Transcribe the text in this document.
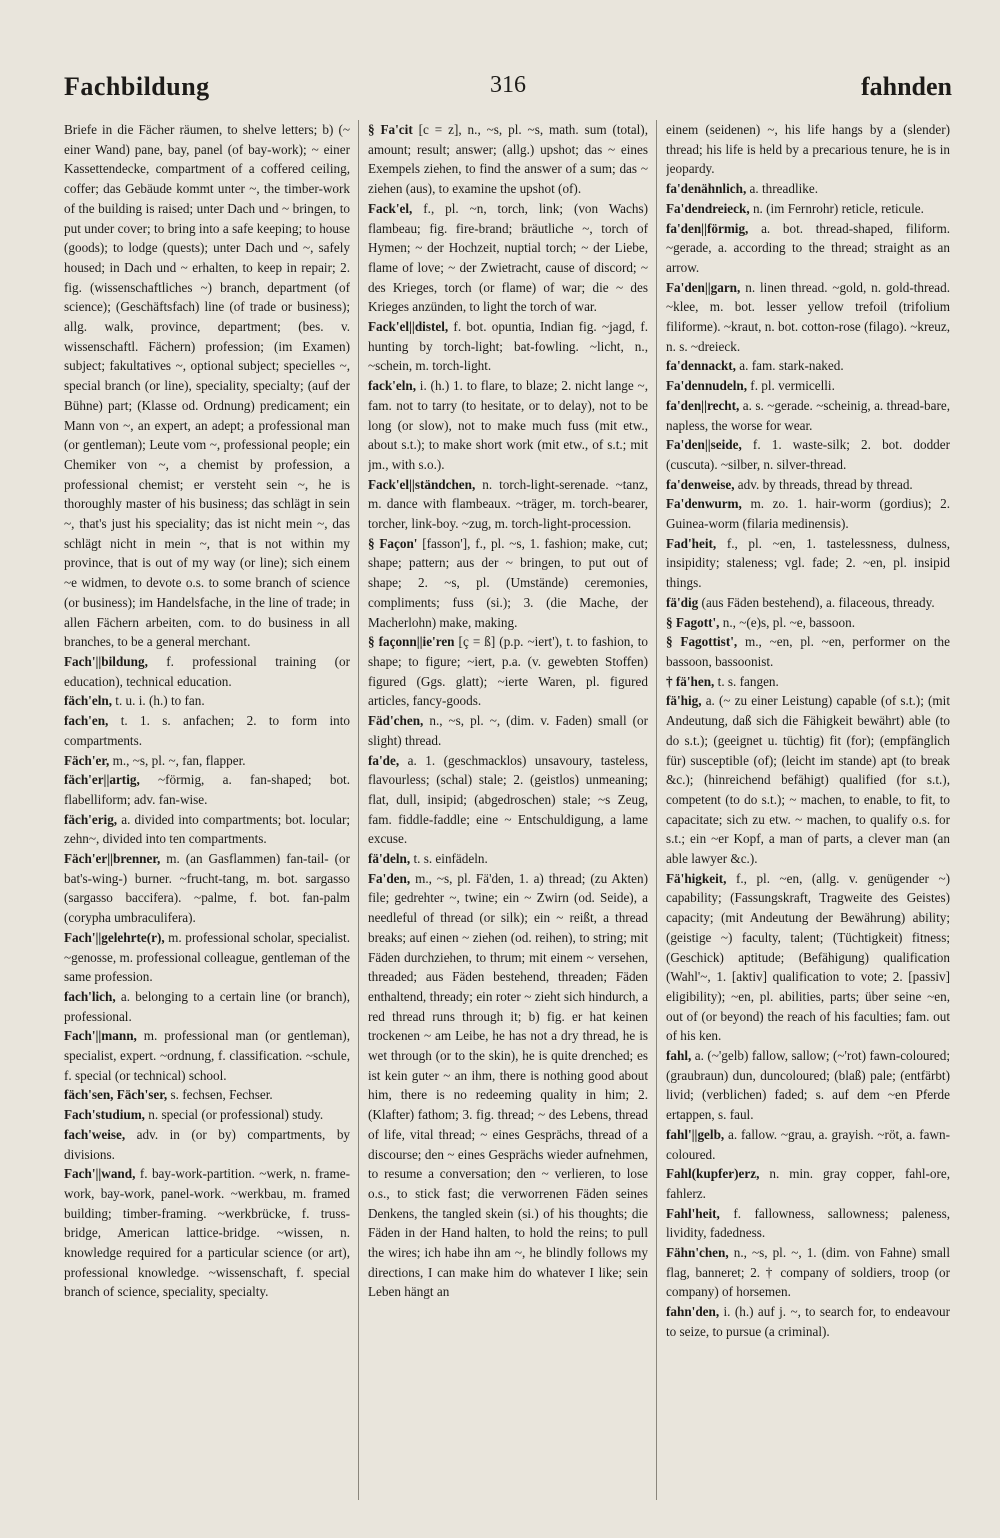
Fachbildung	316	fahnden

Briefe in die Fächer räumen, to shelve letters; b) (~ einer Wand) pane, bay, panel (of bay-work); ~ einer Kassettendecke, compartment of a coffered ceiling, coffer; das Gebäude kommt unter ~, the timber-work of the building is raised; unter Dach und ~ bringen, to put under cover; to bring into a safe keeping; to house (goods); to lodge (quests); unter Dach und ~, safely housed; in Dach und ~ erhalten, to keep in repair; 2. fig. (wissenschaftliches ~) branch, department (of science); (Geschäftsfach) line (of trade or business); allg. walk, province, department; (bes. v. wissenschaftl. Fächern) profession; (im Examen) subject; fakultatives ~, optional subject; specielles ~, special branch (or line), speciality, specialty; (auf der Bühne) part; (Klasse od. Ordnung) predicament; ein Mann von ~, an expert, an adept; a professional man (or gentleman); Leute vom ~, professional people; ein Chemiker von ~, a chemist by profession, a professional chemist; er versteht sein ~, he is thoroughly master of his business; das schlägt in sein ~, that's just his speciality; das ist nicht mein ~, das schlägt nicht in mein ~, that is not within my province, that is out of my way (or line); sich einem ~e widmen, to devote o.s. to some branch of science (or business); im Handelsfache, in the line of trade; in allen Fächern arbeiten, com. to do business in all branches, to be a general merchant.

Fach'||bildung, f. professional training (or education), technical education.

fäch'eln, t. u. i. (h.) to fan.

fach'en, t. 1. s. anfachen; 2. to form into compartments.

Fäch'er, m., ~s, pl. ~, fan, flapper.

fäch'er||artig, ~förmig, a. fan-shaped; bot. flabelliform; adv. fan-wise.

fäch'erig, a. divided into compartments; bot. locular; zehn~, divided into ten compartments.

Fäch'er||brenner, m. (an Gasflammen) fan-tail- (or bat's-wing-) burner. ~frucht-tang, m. bot. sargasso (sargasso baccifera). ~palme, f. bot. fan-palm (corypha umbraculifera).

Fach'||gelehrte(r), m. professional scholar, specialist. ~genosse, m. professional colleague, gentleman of the same profession.

fach'lich, a. belonging to a certain line (or branch), professional.

Fach'||mann, m. professional man (or gentleman), specialist, expert. ~ordnung, f. classification. ~schule, f. special (or technical) school.

fäch'sen, Fäch'ser, s. fechsen, Fechser.

Fach'studium, n. special (or professional) study.

fach'weise, adv. in (or by) compartments, by divisions.

Fach'||wand, f. bay-work-partition. ~werk, n. frame-work, bay-work, panel-work. ~werkbau, m. framed building; timber-framing. ~werkbrücke, f. truss-bridge, American lattice-bridge. ~wissen, n. knowledge required for a particular science (or art), professional knowledge. ~wissenschaft, f. special branch of science, speciality, specialty.

§ Fa'cit [c = z], n., ~s, pl. ~s, math. sum (total), amount; result; answer; (allg.) upshot; das ~ eines Exempels ziehen, to find the answer of a sum; das ~ ziehen (aus), to examine the upshot (of).

Fack'el, f., pl. ~n, torch, link; (von Wachs) flambeau; fig. fire-brand; bräutliche ~, torch of Hymen; ~ der Hochzeit, nuptial torch; ~ der Liebe, flame of love; ~ der Zwietracht, cause of discord; ~ des Krieges, torch (or flame) of war; die ~ des Krieges anzünden, to light the torch of war.

Fack'el||distel, f. bot. opuntia, Indian fig. ~jagd, f. hunting by torch-light; bat-fowling. ~licht, n., ~schein, m. torch-light.

fack'eln, i. (h.) 1. to flare, to blaze; 2. nicht lange ~, fam. not to tarry (to hesitate, or to delay), not to be long (or slow), not to make much fuss (mit etw., about s.t.); to make short work (mit etw., of s.t.; mit jm., with s.o.).

Fack'el||ständchen, n. torch-light-serenade. ~tanz, m. dance with flambeaux. ~träger, m. torch-bearer, torcher, link-boy. ~zug, m. torch-light-procession.

§ Façon' [fasson'], f., pl. ~s, 1. fashion; make, cut; shape; pattern; aus der ~ bringen, to put out of shape; 2. ~s, pl. (Umstände) ceremonies, compliments; fuss (si.); 3. (die Mache, der Macherlohn) make, making.

§ façonn||ie'ren [ç = ß] (p.p. ~iert'), t. to fashion, to shape; to figure; ~iert, p.a. (v. gewebten Stoffen) figured (Ggs. glatt); ~ierte Waren, pl. figured articles, fancy-goods.

Fäd'chen, n., ~s, pl. ~, (dim. v. Faden) small (or slight) thread.

fa'de, a. 1. (geschmacklos) unsavoury, tasteless, flavourless; (schal) stale; 2. (geistlos) unmeaning; flat, dull, insipid; (abgedroschen) stale; ~s Zeug, fam. fiddle-faddle; eine ~ Entschuldigung, a lame excuse.

fä'deln, t. s. einfädeln.

Fa'den, m., ~s, pl. Fä'den, 1. a) thread; (zu Akten) file; gedrehter ~, twine; ein ~ Zwirn (od. Seide), a needleful of thread (or silk); ein ~ reißt, a thread breaks; auf einen ~ ziehen (od. reihen), to string; mit Fäden durchziehen, to thrum; mit einem ~ versehen, threaded; aus Fäden bestehend, threaden; Fäden enthaltend, thready; ein roter ~ zieht sich hindurch, a red thread runs through it; b) fig. er hat keinen trockenen ~ am Leibe, he has not a dry thread, he is wet through (or to the skin), he is quite drenched; es ist kein guter ~ an ihm, there is nothing good about him, there is no redeeming quality in him; 2. (Klafter) fathom; 3. fig. thread; ~ des Lebens, thread of life, vital thread; ~ eines Gesprächs, thread of a discourse; den ~ eines Gesprächs wieder aufnehmen, to resume a conversation; den ~ verlieren, to lose o.s., to stick fast; die verworrenen Fäden seines Denkens, the tangled skein (si.) of his thoughts; die Fäden in der Hand halten, to hold the reins; to pull the wires; ich habe ihn am ~, he blindly follows my directions, I can make him do whatever I like; sein Leben hängt an

einem (seidenen) ~, his life hangs by a (slender) thread; his life is held by a precarious tenure, he is in jeopardy.

fa'denähnlich, a. threadlike.

Fa'dendreieck, n. (im Fernrohr) reticle, reticule.

fa'den||förmig, a. bot. thread-shaped, filiform. ~gerade, a. according to the thread; straight as an arrow.

Fa'den||garn, n. linen thread. ~gold, n. gold-thread. ~klee, m. bot. lesser yellow trefoil (trifolium filiforme). ~kraut, n. bot. cotton-rose (filago). ~kreuz, n. s. ~dreieck.

fa'dennackt, a. fam. stark-naked.

Fa'dennudeln, f. pl. vermicelli.

fa'den||recht, a. s. ~gerade. ~scheinig, a. thread-bare, napless, the worse for wear.

Fa'den||seide, f. 1. waste-silk; 2. bot. dodder (cuscuta). ~silber, n. silver-thread.

fa'denweise, adv. by threads, thread by thread.

Fa'denwurm, m. zo. 1. hair-worm (gordius); 2. Guinea-worm (filaria medinensis).

Fad'heit, f., pl. ~en, 1. tastelessness, dulness, insipidity; staleness; vgl. fade; 2. ~en, pl. insipid things.

fä'dig (aus Fäden bestehend), a. filaceous, thready.

§ Fagott', n., ~(e)s, pl. ~e, bassoon.

§ Fagottist', m., ~en, pl. ~en, performer on the bassoon, bassoonist.

† fä'hen, t. s. fangen.

fä'hig, a. (~ zu einer Leistung) capable (of s.t.); (mit Andeutung, daß sich die Fähigkeit bewährt) able (to do s.t.); (geeignet u. tüchtig) fit (for); (empfänglich für) susceptible (of); (leicht im stande) apt (to break &c.); (hinreichend befähigt) qualified (for s.t.), competent (to do s.t.); ~ machen, to enable, to fit, to capacitate; sich zu etw. ~ machen, to qualify o.s. for s.t.; ein ~er Kopf, a man of parts, a clever man (an able lawyer &c.).

Fä'higkeit, f., pl. ~en, (allg. v. genügender ~) capability; (Fassungskraft, Tragweite des Geistes) capacity; (mit Andeutung der Bewährung) ability; (geistige ~) faculty, talent; (Tüchtigkeit) fitness; (Geschick) aptitude; (Befähigung) qualification (Wahl'~, 1. [aktiv] qualification to vote; 2. [passiv] eligibility); ~en, pl. abilities, parts; über seine ~en, out of (or beyond) the reach of his faculties; fam. out of his ken.

fahl, a. (~'gelb) fallow, sallow; (~'rot) fawn-coloured; (graubraun) dun, duncoloured; (blaß) pale; (entfärbt) livid; (verblichen) faded; s. auf dem ~en Pferde ertappen, s. faul.

fahl'||gelb, a. fallow. ~grau, a. grayish. ~röt, a. fawn-coloured.

Fahl(kupfer)erz, n. min. gray copper, fahl-ore, fahlerz.

Fahl'heit, f. fallowness, sallowness; paleness, lividity, fadedness.

Fähn'chen, n., ~s, pl. ~, 1. (dim. von Fahne) small flag, banneret; 2. † company of soldiers, troop (or company) of horsemen.

fahn'den, i. (h.) auf j. ~, to search for, to endeavour to seize, to pursue (a criminal).
